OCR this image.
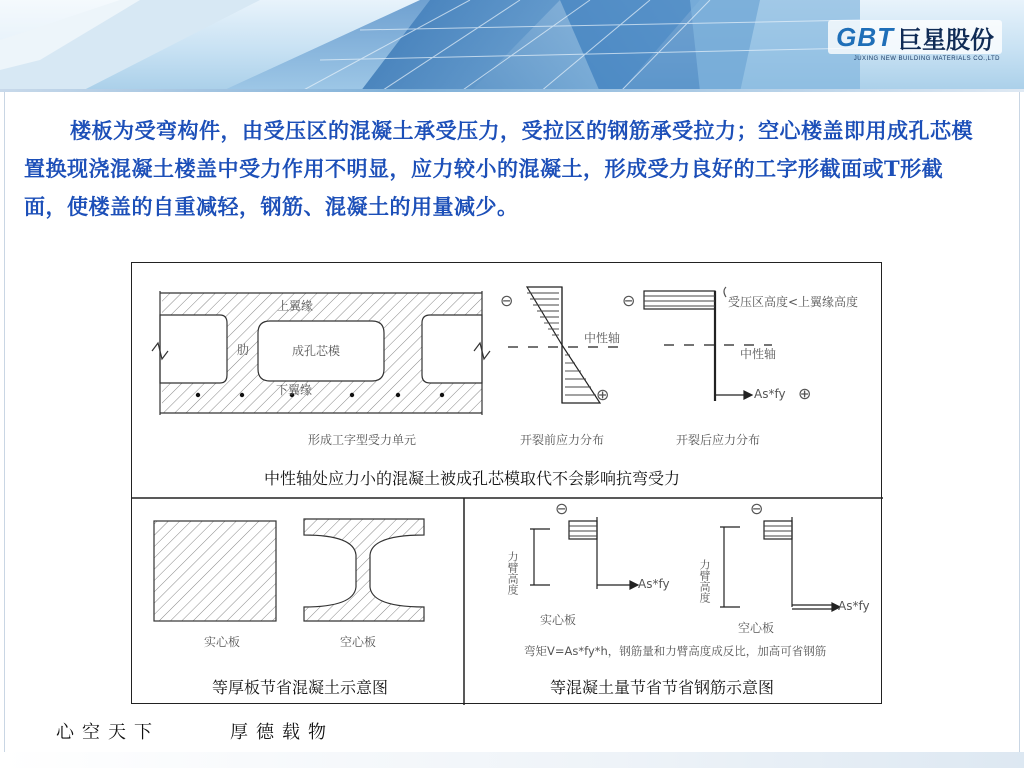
GBT 巨星股份
JUXING NEW BUILDING MATERIALS CO.,LTD

楼板为受弯构件，由受压区的混凝土承受压力，受拉区的钢筋承受拉力；空心楼盖即用成孔芯模置换现浇混凝土楼盖中受力作用不明显，应力较小的混凝土，形成受力良好的工字形截面或T形截面，使楼盖的自重减轻，钢筋、混凝土的用量减少。

上翼缘
下翼缘
肋	成孔芯模
形成工字型受力单元
⊖
⊕
中性轴
开裂前应力分布
⊖	受压区高度<上翼缘高度
中性轴
As*fy ⊕
开裂后应力分布
中性轴处应力小的混凝土被成孔芯模取代不会影响抗弯受力
实心板	空心板
等厚板节省混凝土示意图
⊖	⊖
力臂高度	力臂高度
As*fy
As*fy
实心板
空心板
弯矩V=As*fy*h，钢筋量和力臂高度成反比，加高可省钢筋
等混凝土量节省节省钢筋示意图
心空天下	厚德载物
